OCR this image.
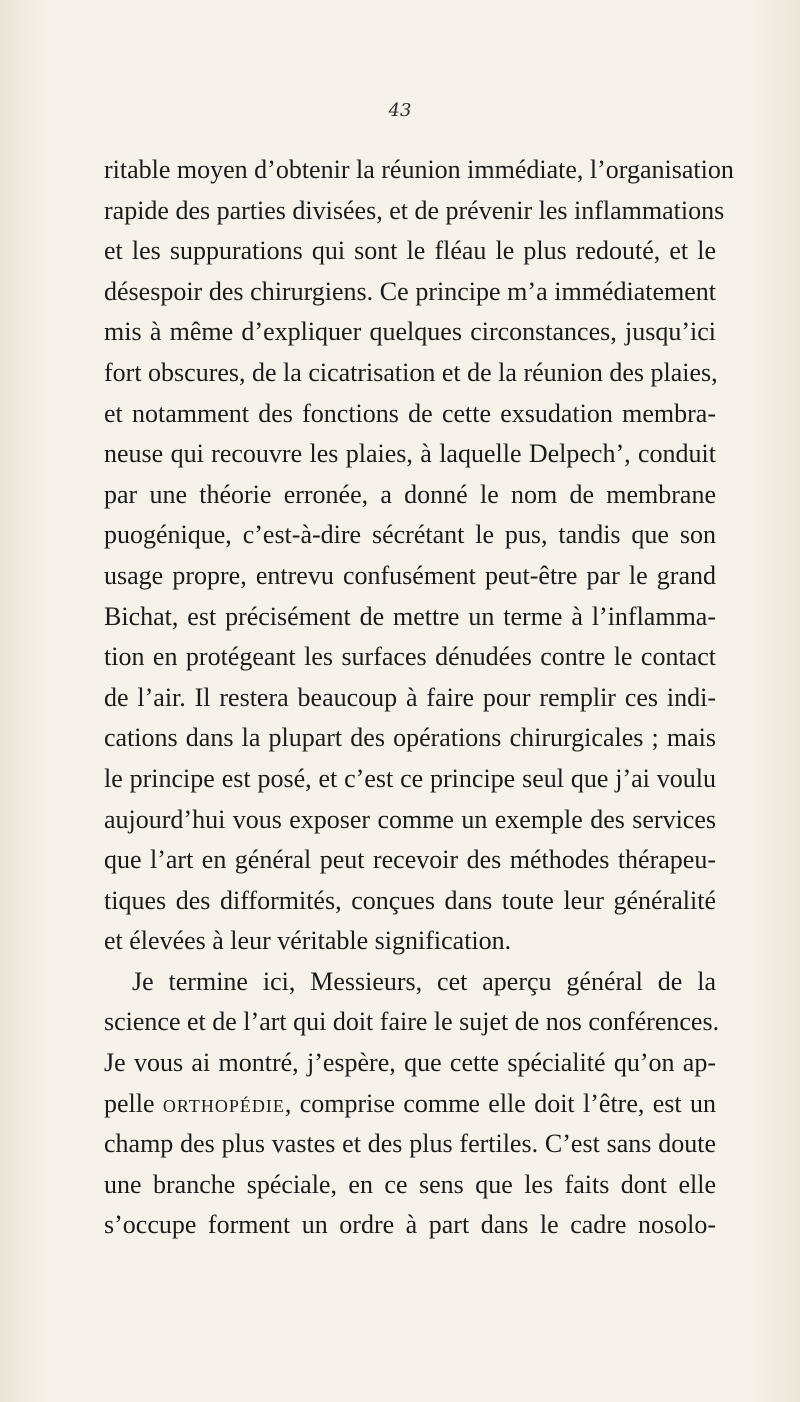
43
ritable moyen d’obtenir la réunion immédiate, l’organisation
rapide des parties divisées, et de prévenir les inflammations
et les suppurations qui sont le fléau le plus redouté, et le
désespoir des chirurgiens. Ce principe m’a immédiatement
mis à même d’expliquer quelques circonstances, jusqu’ici
fort obscures, de la cicatrisation et de la réunion des plaies,
et notamment des fonctions de cette exsudation membra-
neuse qui recouvre les plaies, à laquelle Delpech’, conduit
par une théorie erronée, a donné le nom de membrane
puogénique, c’est-à-dire sécrétant le pus, tandis que son
usage propre, entrevu confusément peut-être par le grand
Bichat, est précisément de mettre un terme à l’inflamma-
tion en protégeant les surfaces dénudées contre le contact
de l’air. Il restera beaucoup à faire pour remplir ces indi-
cations dans la plupart des opérations chirurgicales ; mais
le principe est posé, et c’est ce principe seul que j’ai voulu
aujourd’hui vous exposer comme un exemple des services
que l’art en général peut recevoir des méthodes thérapeu-
tiques des difformités, conçues dans toute leur généralité
et élevées à leur véritable signification.
Je termine ici, Messieurs, cet aperçu général de la
science et de l’art qui doit faire le sujet de nos conférences.
Je vous ai montré, j’espère, que cette spécialité qu’on ap-
pelle orthopédie, comprise comme elle doit l’être, est un
champ des plus vastes et des plus fertiles. C’est sans doute
une branche spéciale, en ce sens que les faits dont elle
s’occupe forment un ordre à part dans le cadre nosolo-
